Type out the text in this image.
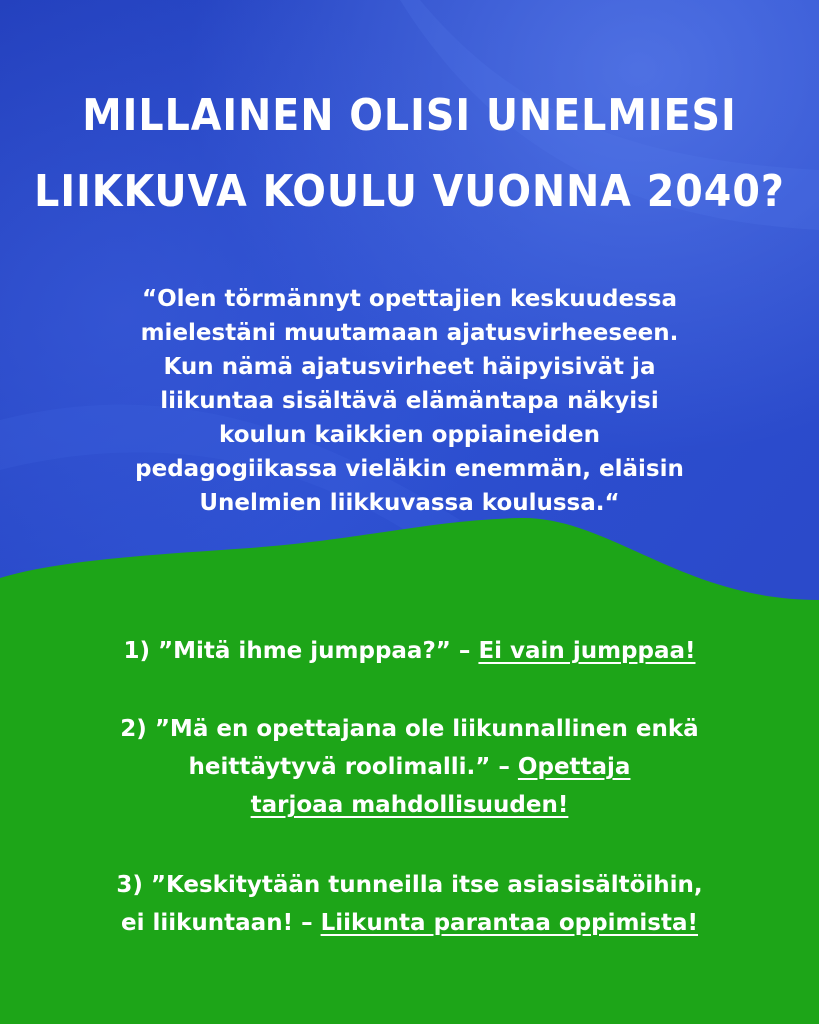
MILLAINEN OLISI UNELMIESI
LIIKKUVA KOULU VUONNA 2040?
“Olen törmännyt opettajien keskuudessa
mielestäni muutamaan ajatusvirheeseen.
Kun nämä ajatusvirheet häipyisivät ja
liikuntaa sisältävä elämäntapa näkyisi
koulun kaikkien oppiaineiden
pedagogiikassa vieläkin enemmän, eläisin
Unelmien liikkuvassa koulussa.“
1) ”Mitä ihme jumppaa?” – Ei vain jumppaa!
2) ”Mä en opettajana ole liikunnallinen enkä
heittäytyvä roolimalli.” – Opettaja
tarjoaa mahdollisuuden!
3) ”Keskitytään tunneilla itse asiasisältöihin,
ei liikuntaan! – Liikunta parantaa oppimista!
